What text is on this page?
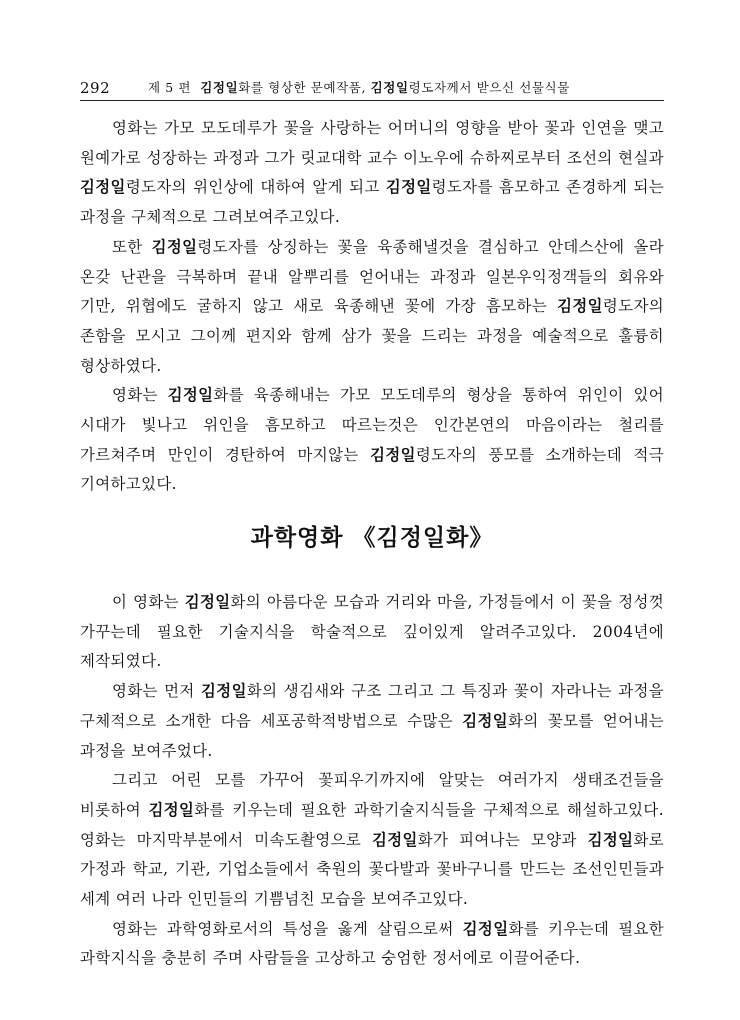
292	제 5 편 김정일화를 형상한 문예작품, 김정일령도자께서 받으신 선물식물

영화는 가모 모도데루가 꽃을 사랑하는 어머니의 영향을 받아 꽃과 인연을 맺고 원예가로 성장하는 과정과 그가 릿교대학 교수 이노우에 슈하찌로부터 조선의 현실과 김정일령도자의 위인상에 대하여 알게 되고 김정일령도자를 흠모하고 존경하게 되는 과정을 구체적으로 그려보여주고있다.

또한 김정일령도자를 상징하는 꽃을 육종해낼것을 결심하고 안데스산에 올라 온갖 난관을 극복하며 끝내 알뿌리를 얻어내는 과정과 일본우익정객들의 회유와 기만, 위협에도 굴하지 않고 새로 육종해낸 꽃에 가장 흠모하는 김정일령도자의 존함을 모시고 그이께 편지와 함께 삼가 꽃을 드리는 과정을 예술적으로 훌륭히 형상하였다.

영화는 김정일화를 육종해내는 가모 모도데루의 형상을 통하여 위인이 있어 시대가 빛나고 위인을 흠모하고 따르는것은 인간본연의 마음이라는 철리를 가르쳐주며 만인이 경탄하여 마지않는 김정일령도자의 풍모를 소개하는데 적극 기여하고있다.

과학영화 《김정일화》

이 영화는 김정일화의 아름다운 모습과 거리와 마을, 가정들에서 이 꽃을 정성껏 가꾸는데 필요한 기술지식을 학술적으로 깊이있게 알려주고있다. 2004년에 제작되였다.

영화는 먼저 김정일화의 생김새와 구조 그리고 그 특징과 꽃이 자라나는 과정을 구체적으로 소개한 다음 세포공학적방법으로 수많은 김정일화의 꽃모를 얻어내는 과정을 보여주었다.

그리고 어린 모를 가꾸어 꽃피우기까지에 알맞는 여러가지 생태조건들을 비롯하여 김정일화를 키우는데 필요한 과학기술지식들을 구체적으로 해설하고있다. 영화는 마지막부분에서 미속도촬영으로 김정일화가 피여나는 모양과 김정일화로 가정과 학교, 기관, 기업소들에서 축원의 꽃다발과 꽃바구니를 만드는 조선인민들과 세계 여러 나라 인민들의 기쁨넘친 모습을 보여주고있다.

영화는 과학영화로서의 특성을 옳게 살림으로써 김정일화를 키우는데 필요한 과학지식을 충분히 주며 사람들을 고상하고 숭엄한 정서에로 이끌어준다.
